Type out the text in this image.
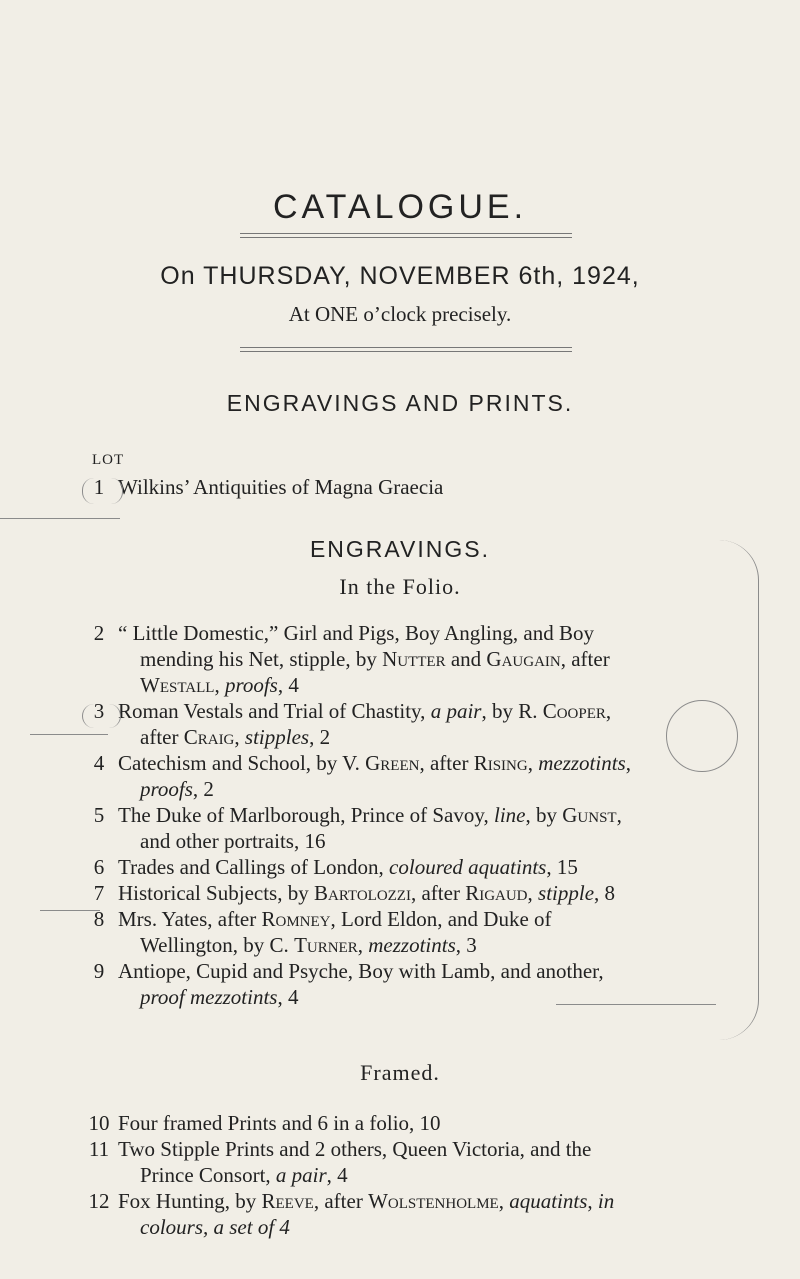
CATALOGUE.
On THURSDAY, NOVEMBER 6th, 1924,
At ONE o’clock precisely.
ENGRAVINGS AND PRINTS.
LOT
1 Wilkins’ Antiquities of Magna Graecia
ENGRAVINGS.
In the Folio.
2 “ Little Domestic,” Girl and Pigs, Boy Angling, and Boy
mending his Net, stipple, by Nutter and Gaugain, after
Westall, proofs, 4
3 Roman Vestals and Trial of Chastity, a pair, by R. Cooper,
after Craig, stipples, 2
4 Catechism and School, by V. Green, after Rising, mezzotints,
proofs, 2
5 The Duke of Marlborough, Prince of Savoy, line, by Gunst,
and other portraits, 16
6 Trades and Callings of London, coloured aquatints, 15
7 Historical Subjects, by Bartolozzi, after Rigaud, stipple, 8
8 Mrs. Yates, after Romney, Lord Eldon, and Duke of
Wellington, by C. Turner, mezzotints, 3
9 Antiope, Cupid and Psyche, Boy with Lamb, and another,
proof mezzotints, 4
Framed.
10 Four framed Prints and 6 in a folio, 10
11 Two Stipple Prints and 2 others, Queen Victoria, and the
Prince Consort, a pair, 4
12 Fox Hunting, by Reeve, after Wolstenholme, aquatints, in
colours, a set of 4
